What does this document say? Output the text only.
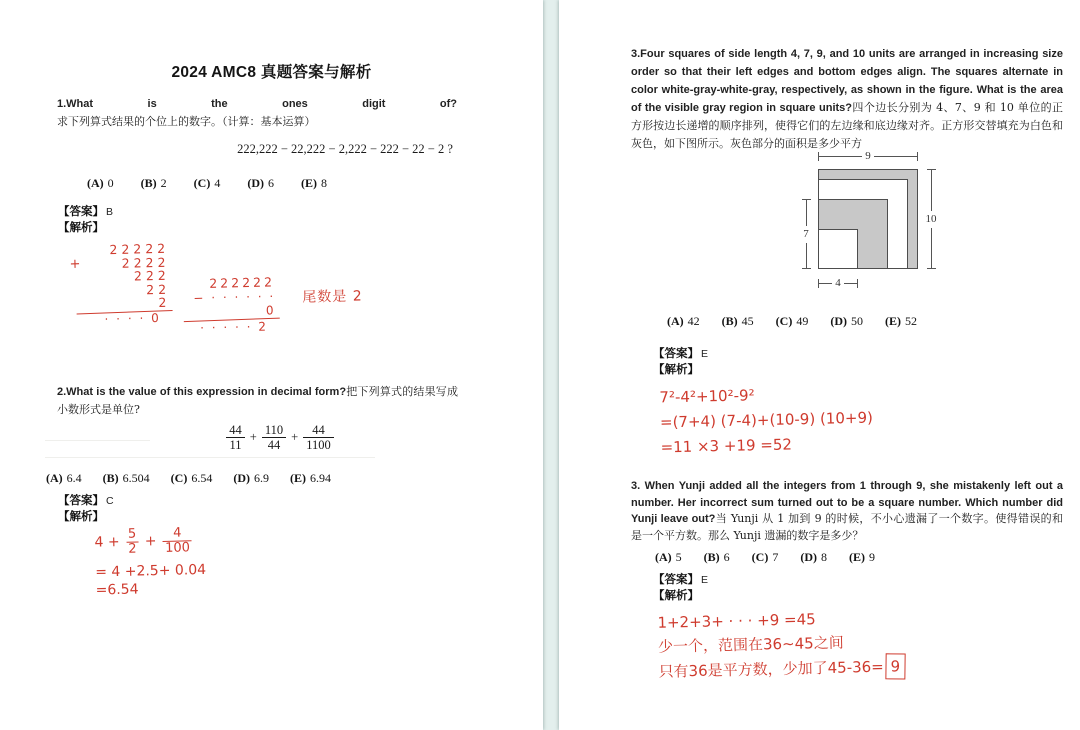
2024 AMC8 真题答案与解析
1.What is the ones digit of?求下列算式结果的个位上的数字。（计算：基本运算）
222,222 − 22,222 − 2,222 − 222 − 22 − 2 ?
(A) 0 (B) 2 (C) 4 (D) 6 (E) 8
【答案】 B
【解析】
+
22222
2222
222
22
2
· · · · 0
222222
− · · · · · · 0
· · · · · 2
尾数是 2
2.What is the value of this expression in decimal form?把下列算式的结果写成小数形式是单位?
$\frac{44}{11} + \frac{110}{44} + \frac{44}{1100}$
(A) 6.4 (B) 6.504 (C) 6.54 (D) 6.9 (E) 6.94
【答案】 C
【解析】
$4 + \frac{5}{2} + \frac{4}{100}$
= 4 +2.5+ 0.04
=6.54
3.Four squares of side length 4, 7, 9, and 10 units are arranged in increasing size order so that their left edges and bottom edges align. The squares alternate in color white-gray-white-gray, respectively, as shown in the figure. What is the area of the visible gray region in square units?四个边长分别为 4、7、9 和 10 单位的正方形按边长递增的顺序排列，使得它们的左边缘和底边缘对齐。正方形交替填充为白色和灰色，如下图所示。灰色部分的面积是多少平方
9
10
7
4
(A) 42 (B) 45 (C) 49 (D) 50 (E) 52
【答案】 E
【解析】
7²-4²+10²-9²
=(7+4) (7-4)+(10-9) (10+9)
=11 ×3 +19 =52
3. When Yunji added all the integers from 1 through 9, she mistakenly left out a number. Her incorrect sum turned out to be a square number. Which number did Yunji leave out?当 Yunji 从 1 加到 9 的时候，不小心遗漏了一个数字。使得错误的和是一个平方数。那么 Yunji 遗漏的数字是多少？
(A) 5 (B) 6 (C) 7 (D) 8 (E) 9
【答案】 E
【解析】
1+2+3+ · · · +9 =45
少一个，范围在36~45之间
只有36是平方数，少加了45-36= 9
